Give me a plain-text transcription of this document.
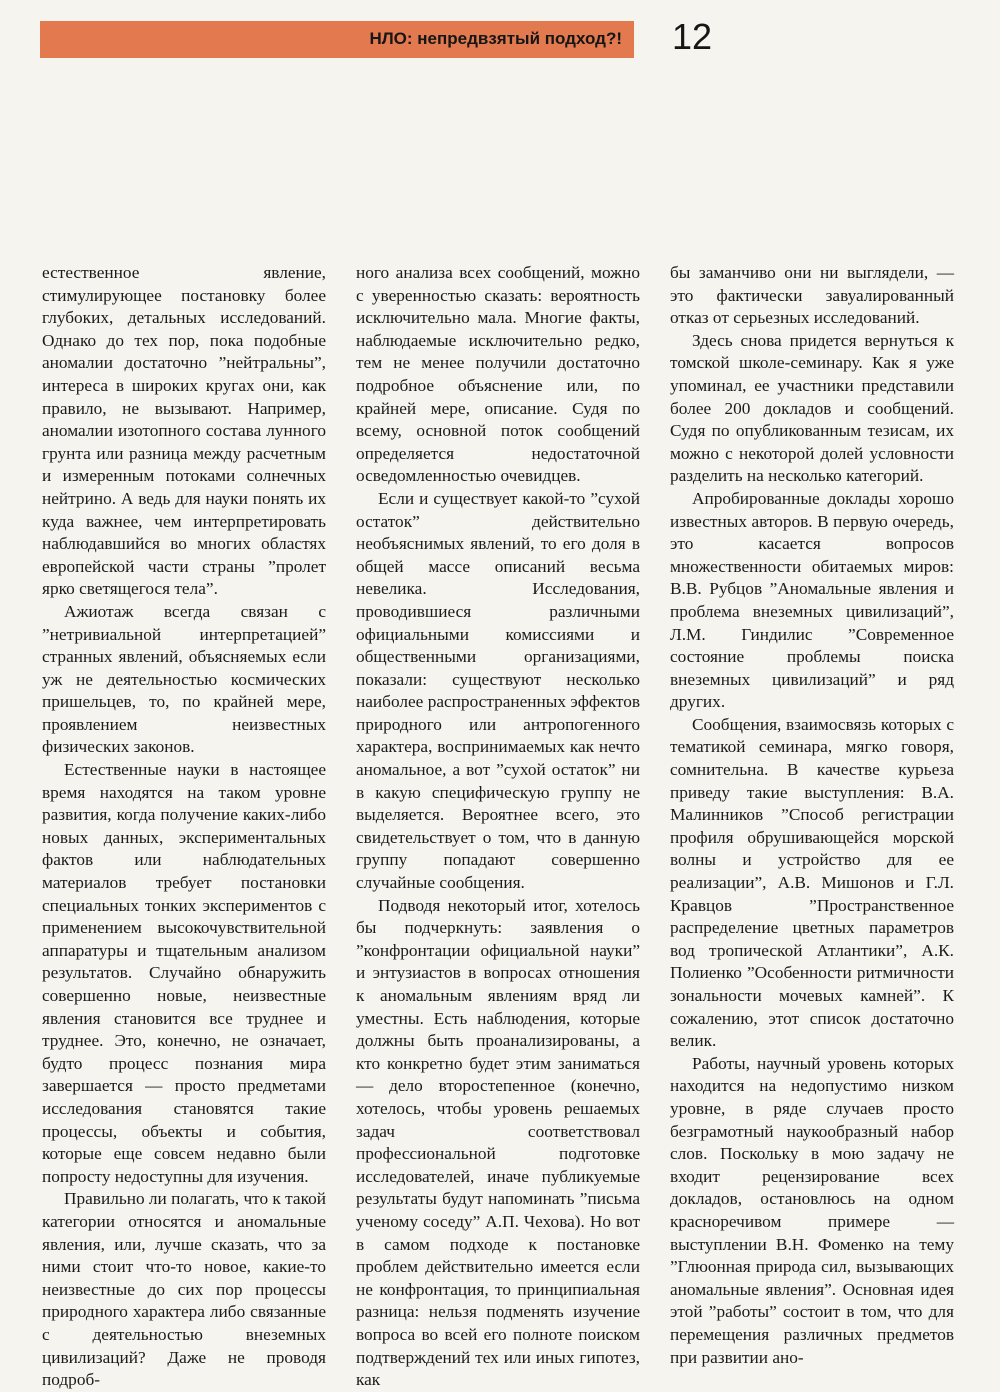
НЛО: непредвзятый подход?! 12

естественное явление, стимулирующее постановку более глубоких, детальных исследований. Однако до тех пор, пока подобные аномалии достаточно ”нейтральны”, интереса в широких кругах они, как правило, не вызывают. Например, аномалии изотопного состава лунного грунта или разница между расчетным и измеренным потоками солнечных нейтрино. А ведь для науки понять их куда важнее, чем интерпретировать наблюдавшийся во многих областях европейской части страны ”пролет ярко светящегося тела”.

Ажиотаж всегда связан с ”нетривиальной интерпретацией” странных явлений, объясняемых если уж не деятельностью космических пришельцев, то, по крайней мере, проявлением неизвестных физических законов.

Естественные науки в настоящее время находятся на таком уровне развития, когда получение каких-либо новых данных, экспериментальных фактов или наблюдательных материалов требует постановки специальных тонких экспериментов с применением высокочувствительной аппаратуры и тщательным анализом результатов. Случайно обнаружить совершенно новые, неизвестные явления становится все труднее и труднее. Это, конечно, не означает, будто процесс познания мира завершается — просто предметами исследования становятся такие процессы, объекты и события, которые еще совсем недавно были попросту недоступны для изучения.

Правильно ли полагать, что к такой категории относятся и аномальные явления, или, лучше сказать, что за ними стоит что-то новое, какие-то неизвестные до сих пор процессы природного характера либо связанные с деятельностью внеземных цивилизаций? Даже не проводя подроб-

ного анализа всех сообщений, можно с уверенностью сказать: вероятность исключительно мала. Многие факты, наблюдаемые исключительно редко, тем не менее получили достаточно подробное объяснение или, по крайней мере, описание. Судя по всему, основной поток сообщений определяется недостаточной осведомленностью очевидцев.

Если и существует какой-то ”сухой остаток” действительно необъяснимых явлений, то его доля в общей массе описаний весьма невелика. Исследования, проводившиеся различными официальными комиссиями и общественными организациями, показали: существуют несколько наиболее распространенных эффектов природного или антропогенного характера, воспринимаемых как нечто аномальное, а вот ”сухой остаток” ни в какую специфическую группу не выделяется. Вероятнее всего, это свидетельствует о том, что в данную группу попадают совершенно случайные сообщения.

Подводя некоторый итог, хотелось бы подчеркнуть: заявления о ”конфронтации официальной науки” и энтузиастов в вопросах отношения к аномальным явлениям вряд ли уместны. Есть наблюдения, которые должны быть проанализированы, а кто конкретно будет этим заниматься — дело второстепенное (конечно, хотелось, чтобы уровень решаемых задач соответствовал профессиональной подготовке исследователей, иначе публикуемые результаты будут напоминать ”письма ученому соседу” А.П. Чехова). Но вот в самом подходе к постановке проблем действительно имеется если не конфронтация, то принципиальная разница: нельзя подменять изучение вопроса во всей его полноте поиском подтверждений тех или иных гипотез, как

бы заманчиво они ни выглядели, — это фактически завуалированный отказ от серьезных исследований.

Здесь снова придется вернуться к томской школе-семинару. Как я уже упоминал, ее участники представили более 200 докладов и сообщений. Судя по опубликованным тезисам, их можно с некоторой долей условности разделить на несколько категорий.

Апробированные доклады хорошо известных авторов. В первую очередь, это касается вопросов множественности обитаемых миров: В.В. Рубцов ”Аномальные явления и проблема внеземных цивилизаций”, Л.М. Гиндилис ”Современное состояние проблемы поиска внеземных цивилизаций” и ряд других.

Сообщения, взаимосвязь которых с тематикой семинара, мягко говоря, сомнительна. В качестве курьеза приведу такие выступления: В.А. Малинников ”Способ регистрации профиля обрушивающейся морской волны и устройство для ее реализации”, А.В. Мишонов и Г.Л. Кравцов ”Пространственное распределение цветных параметров вод тропической Атлантики”, А.К. Полиенко ”Особенности ритмичности зональности мочевых камней”. К сожалению, этот список достаточно велик.

Работы, научный уровень которых находится на недопустимо низком уровне, в ряде случаев просто безграмотный наукообразный набор слов. Поскольку в мою задачу не входит рецензирование всех докладов, остановлюсь на одном красноречивом примере — выступлении В.Н. Фоменко на тему ”Глюонная природа сил, вызывающих аномальные явления”. Основная идея этой ”работы” состоит в том, что для перемещения различных предметов при развитии ано-
